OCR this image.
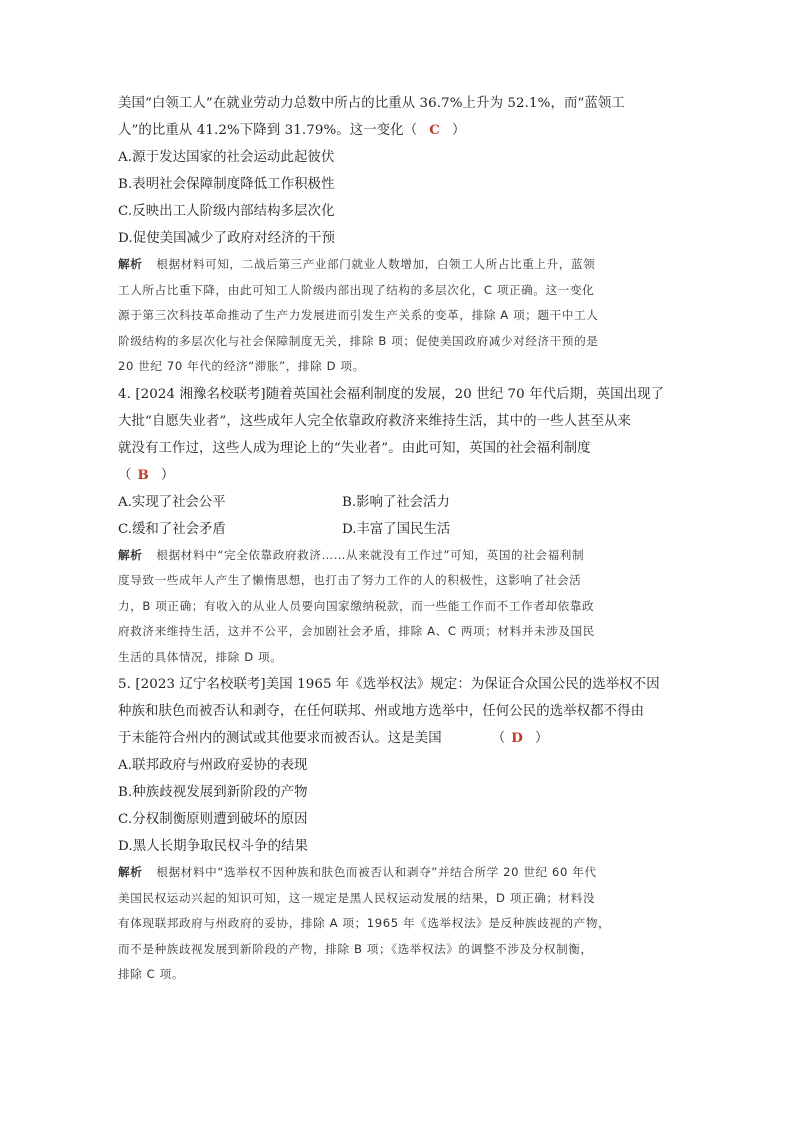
美国“白领工人”在就业劳动力总数中所占的比重从 36.7%上升为 52.1%，而“蓝领工
人”的比重从 41.2%下降到 31.79%。这一变化（ C ）
A.源于发达国家的社会运动此起彼伏
B.表明社会保障制度降低工作积极性
C.反映出工人阶级内部结构多层次化
D.促使美国减少了政府对经济的干预
解析 根据材料可知，二战后第三产业部门就业人数增加，白领工人所占比重上升，蓝领
工人所占比重下降，由此可知工人阶级内部出现了结构的多层次化，C 项正确。这一变化
源于第三次科技革命推动了生产力发展进而引发生产关系的变革，排除 A 项；题干中工人
阶级结构的多层次化与社会保障制度无关，排除 B 项；促使美国政府减少对经济干预的是
20 世纪 70 年代的经济“滞胀”，排除 D 项。
4. [2024 湘豫名校联考]随着英国社会福利制度的发展，20 世纪 70 年代后期，英国出现了
大批“自愿失业者”，这些成年人完全依靠政府救济来维持生活，其中的一些人甚至从来
就没有工作过，这些人成为理论上的“失业者”。由此可知，英国的社会福利制度
（ B ）
A.实现了社会公平	B.影响了社会活力
C.缓和了社会矛盾	D.丰富了国民生活
解析 根据材料中“完全依靠政府救济……从来就没有工作过”可知，英国的社会福利制
度导致一些成年人产生了懒惰思想，也打击了努力工作的人的积极性，这影响了社会活
力，B 项正确；有收入的从业人员要向国家缴纳税款，而一些能工作而不工作者却依靠政
府救济来维持生活，这并不公平，会加剧社会矛盾，排除 A、C 两项；材料并未涉及国民
生活的具体情况，排除 D 项。
5. [2023 辽宁名校联考]美国 1965 年《选举权法》规定：为保证合众国公民的选举权不因
种族和肤色而被否认和剥夺，在任何联邦、州或地方选举中，任何公民的选举权都不得由
于未能符合州内的测试或其他要求而被否认。这是美国	（ D ）
A.联邦政府与州政府妥协的表现
B.种族歧视发展到新阶段的产物
C.分权制衡原则遭到破坏的原因
D.黑人长期争取民权斗争的结果
解析 根据材料中“选举权不因种族和肤色而被否认和剥夺”并结合所学 20 世纪 60 年代
美国民权运动兴起的知识可知，这一规定是黑人民权运动发展的结果，D 项正确；材料没
有体现联邦政府与州政府的妥协，排除 A 项；1965 年《选举权法》是反种族歧视的产物，
而不是种族歧视发展到新阶段的产物，排除 B 项；《选举权法》的调整不涉及分权制衡，
排除 C 项。
